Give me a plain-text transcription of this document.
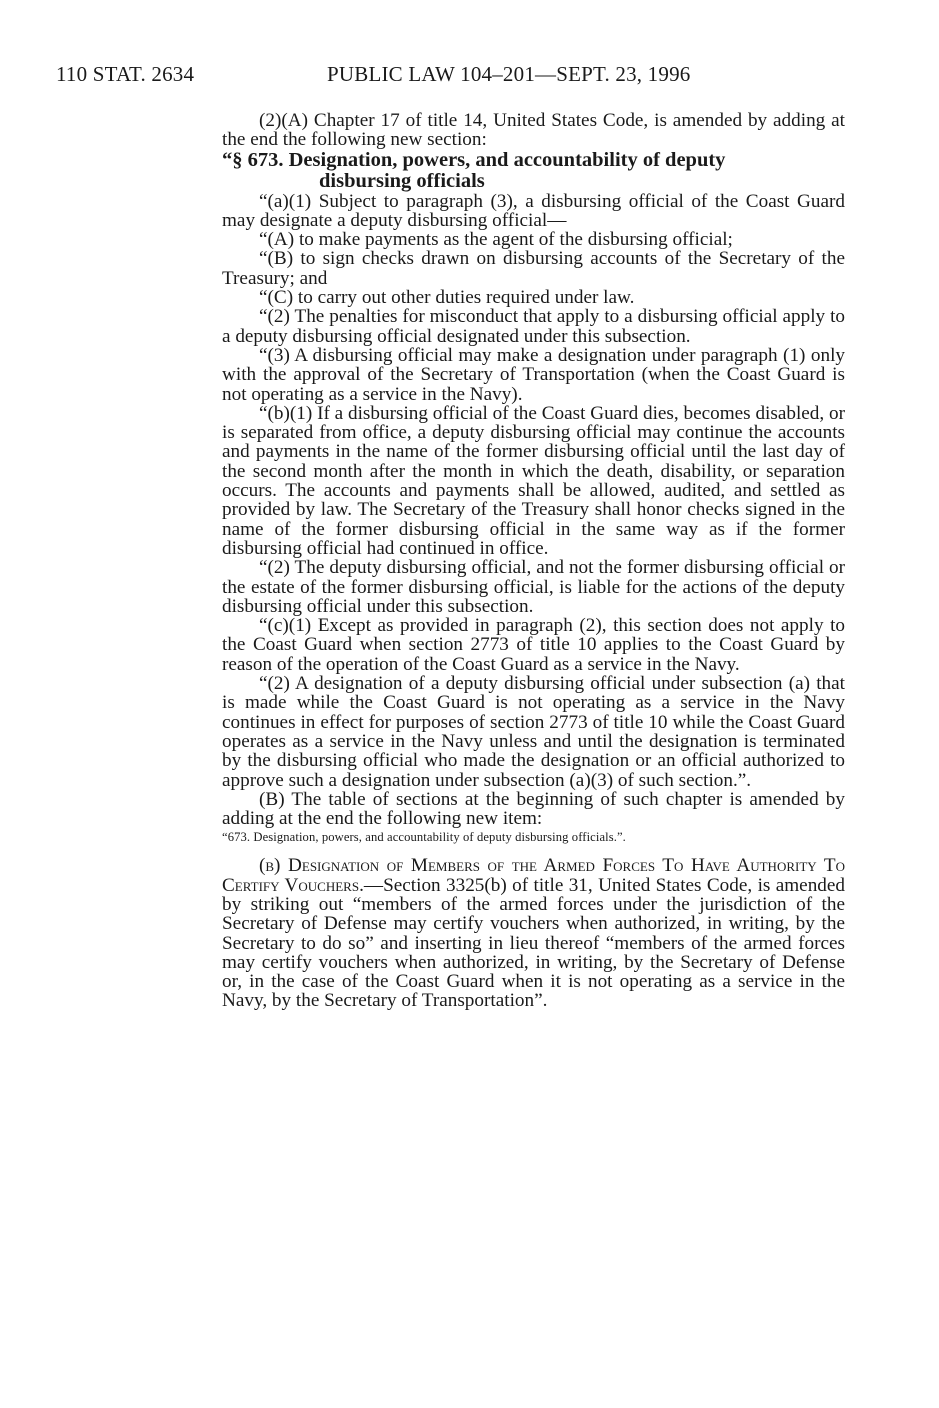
110 STAT. 2634	PUBLIC LAW 104–201—SEPT. 23, 1996

(2)(A) Chapter 17 of title 14, United States Code, is amended by adding at the end the following new section:

“§ 673. Designation, powers, and accountability of deputy
disbursing officials

“(a)(1) Subject to paragraph (3), a disbursing official of the Coast Guard may designate a deputy disbursing official—

“(A) to make payments as the agent of the disbursing official;

“(B) to sign checks drawn on disbursing accounts of the Secretary of the Treasury; and

“(C) to carry out other duties required under law.

“(2) The penalties for misconduct that apply to a disbursing official apply to a deputy disbursing official designated under this subsection.

“(3) A disbursing official may make a designation under paragraph (1) only with the approval of the Secretary of Transportation (when the Coast Guard is not operating as a service in the Navy).

“(b)(1) If a disbursing official of the Coast Guard dies, becomes disabled, or is separated from office, a deputy disbursing official may continue the accounts and payments in the name of the former disbursing official until the last day of the second month after the month in which the death, disability, or separation occurs. The accounts and payments shall be allowed, audited, and settled as provided by law. The Secretary of the Treasury shall honor checks signed in the name of the former disbursing official in the same way as if the former disbursing official had continued in office.

“(2) The deputy disbursing official, and not the former disbursing official or the estate of the former disbursing official, is liable for the actions of the deputy disbursing official under this subsection.

“(c)(1) Except as provided in paragraph (2), this section does not apply to the Coast Guard when section 2773 of title 10 applies to the Coast Guard by reason of the operation of the Coast Guard as a service in the Navy.

“(2) A designation of a deputy disbursing official under subsection (a) that is made while the Coast Guard is not operating as a service in the Navy continues in effect for purposes of section 2773 of title 10 while the Coast Guard operates as a service in the Navy unless and until the designation is terminated by the disbursing official who made the designation or an official authorized to approve such a designation under subsection (a)(3) of such section.”.

(B) The table of sections at the beginning of such chapter is amended by adding at the end the following new item:

“673. Designation, powers, and accountability of deputy disbursing officials.”.

(b) Designation of Members of the Armed Forces To Have Authority To Certify Vouchers.—Section 3325(b) of title 31, United States Code, is amended by striking out “members of the armed forces under the jurisdiction of the Secretary of Defense may certify vouchers when authorized, in writing, by the Secretary to do so” and inserting in lieu thereof “members of the armed forces may certify vouchers when authorized, in writing, by the Secretary of Defense or, in the case of the Coast Guard when it is not operating as a service in the Navy, by the Secretary of Transportation”.
